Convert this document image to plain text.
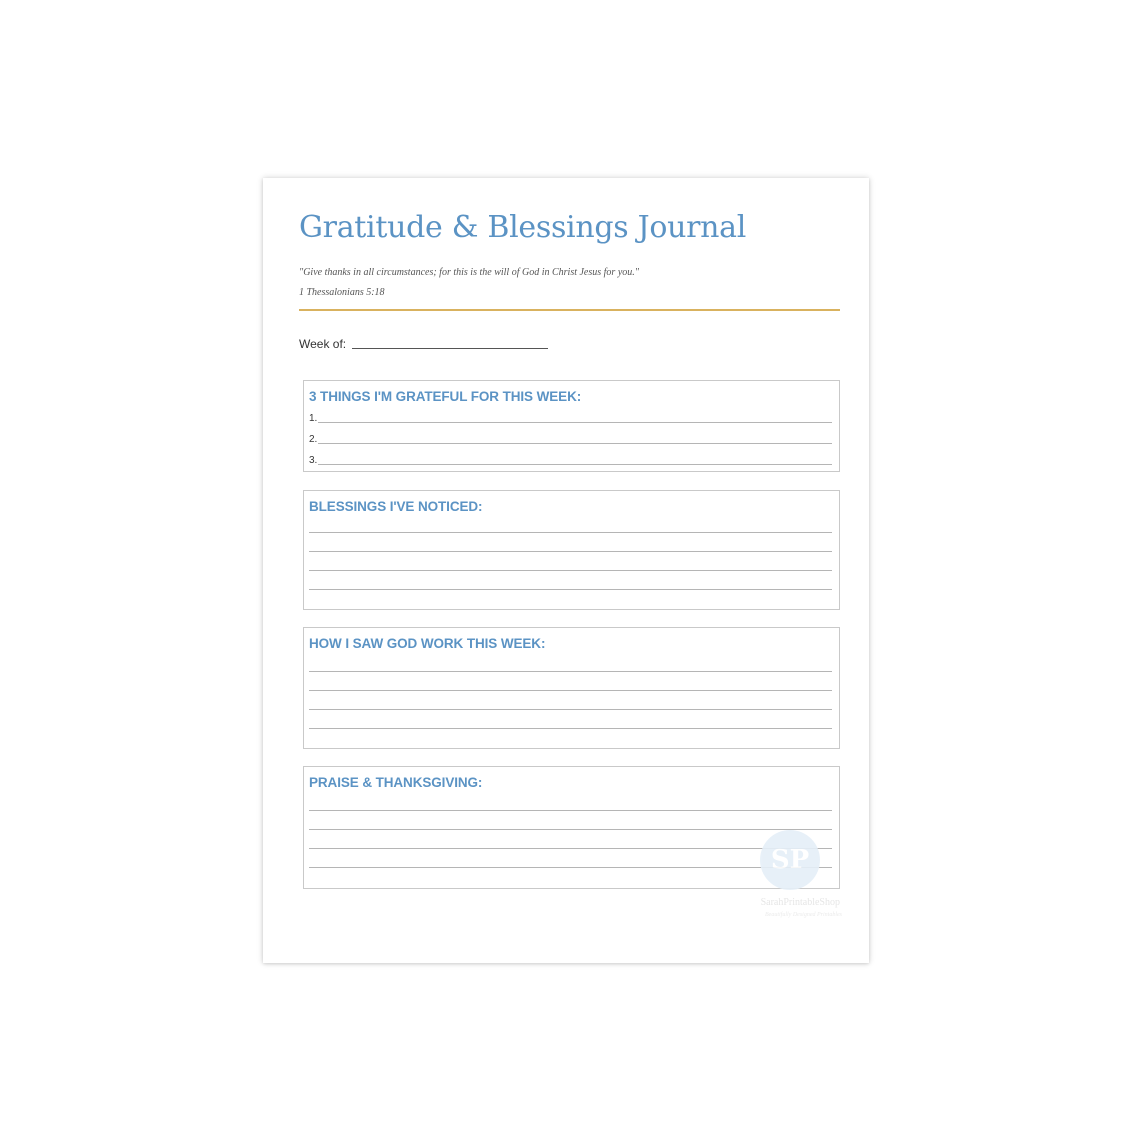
Gratitude & Blessings Journal
"Give thanks in all circumstances; for this is the will of God in Christ Jesus for you."
1 Thessalonians 5:18
Week of:
3 THINGS I'M GRATEFUL FOR THIS WEEK:
1.
2.
3.
BLESSINGS I'VE NOTICED:
HOW I SAW GOD WORK THIS WEEK:
PRAISE & THANKSGIVING:
SP
SarahPrintableShop
Beautifully Designed Printables
